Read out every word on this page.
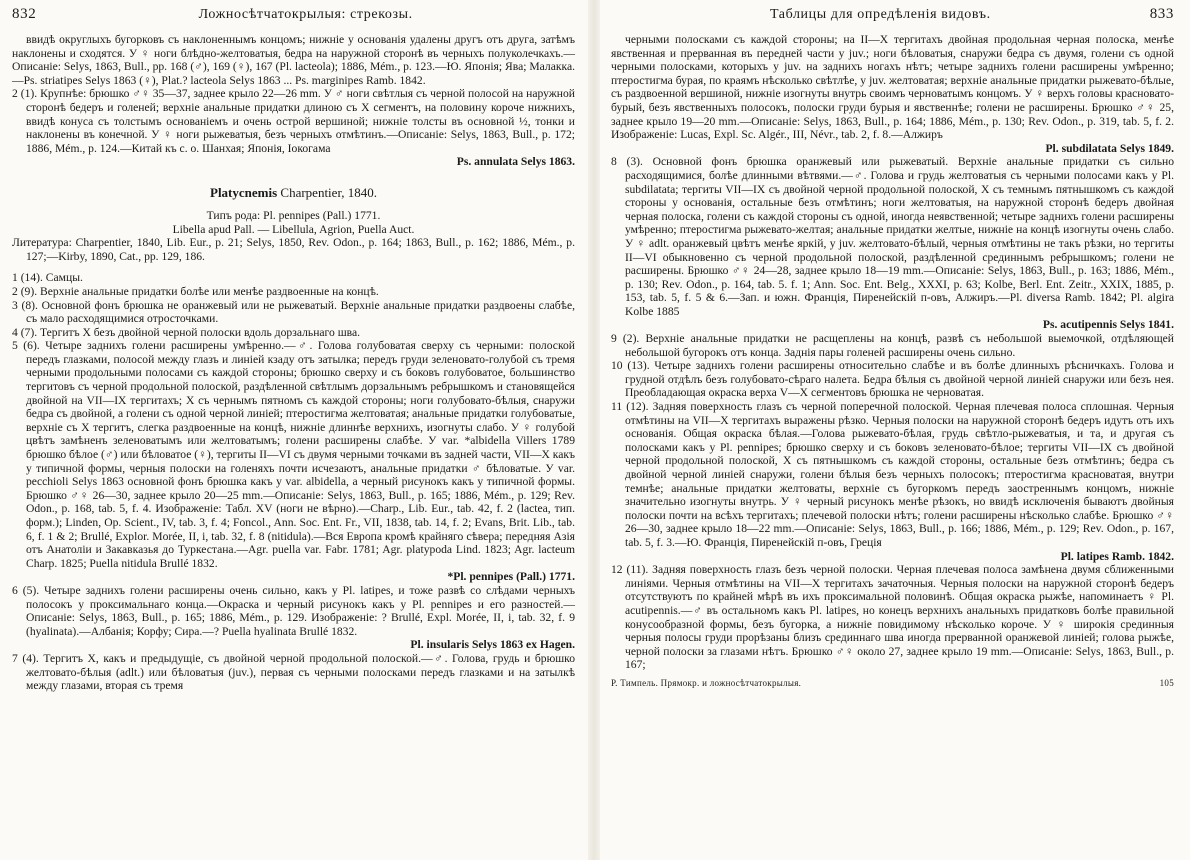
832	Ложносѣтчатокрылыя: стрекозы.

ввидѣ округлыхъ бугорковъ съ наклоненнымъ концомъ; нижнiе у основанiя удалены другъ отъ друга, затѣмъ наклонены и сходятся. У ♀ ноги блѣдно-желтоватыя, бедра на наружной сторонѣ въ черныхъ полуколечкахъ.— Описанiе: Selys, 1863, Bull., pp. 168 (♂), 169 (♀), 167 (Pl. lacteola); 1886, Mém., p. 123.—Ю. Японiя; Ява; Малакка.—Ps. striatipes Selys 1863 (♀), Plat.? lacteola Selys 1863 ... Ps. marginipes Ramb. 1842.

2 (1). Крупнѣе: брюшко ♂♀ 35—37, заднее крыло 22—26 mm. У ♂ ноги свѣтлыя съ черной полосой на наружной сторонѣ бедеръ и голеней; верхнiе анальные придатки длиною съ X сегментъ, на половину короче нижнихъ, ввидѣ конуса съ толстымъ основанiемъ и очень острой вершиной; нижнiе толсты въ основной ½, тонки и наклонены въ конечной. У ♀ ноги рыжеватыя, безъ черныхъ отмѣтинъ.—Описанiе: Selys, 1863, Bull., p. 172; 1886, Mém., p. 124.—Китай къ с. о. Шанхая; Японiя, Iокогама

Ps. annulata Selys 1863.
Platycnemis Charpentier, 1840.

Типъ рода: Pl. pennipes (Pall.) 1771.

Libella apud Pall. — Libellula, Agrion, Puella Auct.

Литература: Charpentier, 1840, Lib. Eur., p. 21; Selys, 1850, Rev. Odon., p. 164; 1863, Bull., p. 162; 1886, Mém., p. 127;—Kirby, 1890, Cat., pp. 129, 186.

1 (14). Самцы.

2 (9). Верхнiе анальные придатки болѣе или менѣе раздвоенные на концѣ.

3 (8). Основной фонъ брюшка не оранжевый или не рыжеватый. Верхнiе анальные придатки раздвоены слабѣе, съ мало расходящимися отросточками.

4 (7). Тергитъ X безъ двойной черной полоски вдоль дорзальнаго шва.

5 (6). Четыре заднихъ голени расширены умѣренно.—♂. Голова голубоватая сверху съ черными: полоской передъ глазками, полосой между глазъ и линiей кзаду отъ затылка; передъ груди зеленовато-голубой съ тремя черными продольными полосами съ каждой стороны; брюшко сверху и съ боковъ голубоватое, большинство тергитовъ съ черной продольной полоской, раздѣленной свѣтлымъ дорзальнымъ ребрышкомъ и становящейся двойной на VII—IX тергитахъ; X съ чернымъ пятномъ съ каждой стороны; ноги голубовато-бѣлыя, снаружи бедра съ двойной, а голени съ одной черной линiей; птеростигма желтоватая; анальные придатки голубоватые, верхнiе съ X тергитъ, слегка раздвоенные на концѣ, нижнiе длиннѣе верхнихъ, изогнуты слабо. У ♀ голубой цвѣтъ замѣненъ зеленоватымъ или желтоватымъ; голени расширены слабѣе. У var. *albidella Villers 1789 брюшко бѣлое (♂) или бѣловатое (♀), тергиты II—VI съ двумя черными точками въ задней части, VII—X какъ у типичной формы, черныя полоски на голеняхъ почти исчезаютъ, анальные придатки ♂ бѣловатые. У var. pecchioli Selys 1863 основной фонъ брюшка какъ у var. albidella, а черный рисунокъ какъ у типичной формы. Брюшко ♂♀ 26—30, заднее крыло 20—25 mm.—Описанiе: Selys, 1863, Bull., p. 165; 1886, Mém., p. 129; Rev. Odon., p. 168, tab. 5, f. 4. Изображенiе: Табл. XV (ноги не вѣрно).—Charp., Lib. Eur., tab. 42, f. 2 (lactea, тип. форм.); Linden, Op. Scient., IV, tab. 3, f. 4; Foncol., Ann. Soc. Ent. Fr., VII, 1838, tab. 14, f. 2; Evans, Brit. Lib., tab. 6, f. 1 & 2; Brullé, Explor. Morée, II, i, tab. 32, f. 8 (nitidula).—Вся Европа кромѣ крайняго сѣвера; передняя Азiя отъ Анатолiи и Закавказья до Туркестана.—Agr. puella var. Fabr. 1781; Agr. platypoda Lind. 1823; Agr. lacteum Charp. 1825; Puella nitidula Brullé 1832.

*Pl. pennipes (Pall.) 1771.

6 (5). Четыре заднихъ голени расширены очень сильно, какъ у Pl. latipes, и тоже развѣ со слѣдами черныхъ полосокъ у проксимальнаго конца.—Окраска и черный рисунокъ какъ у Pl. pennipes и его разностей.—Описанiе: Selys, 1863, Bull., p. 165; 1886, Mém., p. 129. Изображенiе: ? Brullé, Expl. Morée, II, i, tab. 32, f. 9 (hyalinata).—Албанiя; Корфу; Сира.—? Puella hyalinata Brullé 1832.

Pl. insularis Selys 1863 ex Hagen.

7 (4). Тергитъ X, какъ и предыдущiе, съ двойной черной продольной полоской.—♂. Голова, грудь и брюшко желтовато-бѣлыя (adlt.) или бѣловатыя (juv.), первая съ черными полосками передъ глазками и на затылкѣ между глазами, вторая съ тремя

Таблицы для опредѣленiя видовъ.	833

черными полосками съ каждой стороны; на II—X тергитахъ двойная продольная черная полоска, менѣе явственная и прерванная въ передней части у juv.; ноги бѣловатыя, снаружи бедра съ двумя, голени съ одной черными полосками, которыхъ у juv. на заднихъ ногахъ нѣтъ; четыре заднихъ голени расширены умѣренно; птеростигма бурая, по краямъ нѣсколько свѣтлѣе, у juv. желтоватая; верхнiе анальные придатки рыжевато-бѣлые, съ раздвоенной вершиной, нижнiе изогнуты внутрь своимъ черноватымъ концомъ. У ♀ верхъ головы красновато-бурый, безъ явственныхъ полосокъ, полоски груди бурыя и явственнѣе; голени не расширены. Брюшко ♂♀ 25, заднее крыло 19—20 mm.—Описанiе: Selys, 1863, Bull., p. 164; 1886, Mém., p. 130; Rev. Odon., p. 319, tab. 5, f. 2. Изображенiе: Lucas, Expl. Sc. Algér., III, Névr., tab. 2, f. 8.—Алжиръ

Pl. subdilatata Selys 1849.

8 (3). Основной фонъ брюшка оранжевый или рыжеватый. Верхнiе анальные придатки съ сильно расходящимися, болѣе длинными вѣтвями.—♂. Голова и грудь желтоватыя съ черными полосами какъ у Pl. subdilatata; тергиты VII—IX съ двойной черной продольной полоской, X съ темнымъ пятнышкомъ съ каждой стороны у основанiя, остальные безъ отмѣтинъ; ноги желтоватыя, на наружной сторонѣ бедеръ двойная черная полоска, голени съ каждой стороны съ одной, иногда неявственной; четыре заднихъ голени расширены умѣренно; птеростигма рыжевато-желтая; анальные придатки желтые, нижнiе на концѣ изогнуты очень слабо. У ♀ adlt. оранжевый цвѣтъ менѣе яркiй, у juv. желтовато-бѣлый, черныя отмѣтины не такъ рѣзки, но тергиты II—VI обыкновенно съ черной продольной полоской, раздѣленной срединнымъ ребрышкомъ; голени не расширены. Брюшко ♂♀ 24—28, заднее крыло 18—19 mm.—Описанiе: Selys, 1863, Bull., p. 163; 1886, Mém., p. 130; Rev. Odon., p. 164, tab. 5. f. 1; Ann. Soc. Ent. Belg., XXXI, p. 63; Kolbe, Berl. Ent. Zeitr., XXIX, 1885, p. 153, tab. 5, f. 5 & 6.—Зап. и южн. Францiя, Пиренейскiй п-овъ, Алжиръ.—Pl. diversa Ramb. 1842; Pl. algira Kolbe 1885

Ps. acutipennis Selys 1841.

9 (2). Верхнiе анальные придатки не расщеплены на концѣ, развѣ съ небольшой выемочкой, отдѣляющей небольшой бугорокъ отъ конца. Заднiя пары голеней расширены очень сильно.

10 (13). Четыре заднихъ голени расширены относительно слабѣе и въ болѣе длинныхъ рѣсничкахъ. Голова и грудной отдѣлъ безъ голубовато-сѣраго налета. Бедра бѣлыя съ двойной черной линiей снаружи или безъ нея. Преобладающая окраска верха V—X сегментовъ брюшка не черноватая.

11 (12). Задняя поверхность глазъ съ черной поперечной полоской. Черная плечевая полоса сплошная. Черныя отмѣтины на VII—X тергитахъ выражены рѣзко. Черныя полоски на наружной сторонѣ бедеръ идутъ отъ ихъ основанiя. Общая окраска бѣлая.—Голова рыжевато-бѣлая, грудь свѣтло-рыжеватыя, и та, и другая съ полосками какъ у Pl. pennipes; брюшко сверху и съ боковъ зеленовато-бѣлое; тергиты VII—IX съ двойной черной продольной полоской, X съ пятнышкомъ съ каждой стороны, остальные безъ отмѣтинъ; бедра съ двойной черной линiей снаружи, голени бѣлыя безъ черныхъ полосокъ; птеростигма красноватая, внутри темнѣе; анальные придатки желтоваты, верхнiе съ бугоркомъ передъ заостреннымъ концомъ, нижнiе значительно изогнуты внутрь. У ♀ черный рисунокъ менѣе рѣзокъ, но ввидѣ исключенiя бываютъ двойныя полоски почти на всѣхъ тергитахъ; плечевой полоски нѣтъ; голени расширены нѣсколько слабѣе. Брюшко ♂♀ 26—30, заднее крыло 18—22 mm.—Описанiе: Selys, 1863, Bull., p. 166; 1886, Mém., p. 129; Rev. Odon., p. 167, tab. 5, f. 3.—Ю. Францiя, Пиренейскiй п-овъ, Грецiя

Pl. latipes Ramb. 1842.

12 (11). Задняя поверхность глазъ безъ черной полоски. Черная плечевая полоса замѣнена двумя сближенными линiями. Черныя отмѣтины на VII—X тергитахъ зачаточныя. Черныя полоски на наружной сторонѣ бедеръ отсутствуютъ по крайней мѣрѣ въ ихъ проксимальной половинѣ. Общая окраска рыжѣе, напоминаетъ ♀ Pl. acutipennis.—♂ въ остальномъ какъ Pl. latipes, но конецъ верхнихъ анальныхъ придатковъ болѣе правильной конусообразной формы, безъ бугорка, а нижнiе повидимому нѣсколько короче. У ♀ широкiя срединныя черныя полосы груди прорѣзаны близъ срединнаго шва иногда прерванной оранжевой линiей; голова рыжѣе, черной полоски за глазами нѣтъ. Брюшко ♂♀ около 27, заднее крыло 19 mm.—Описанiе: Selys, 1863, Bull., p. 167;

Р. Тимпель. Прямокр. и ложносѣтчатокрылыя.	105
